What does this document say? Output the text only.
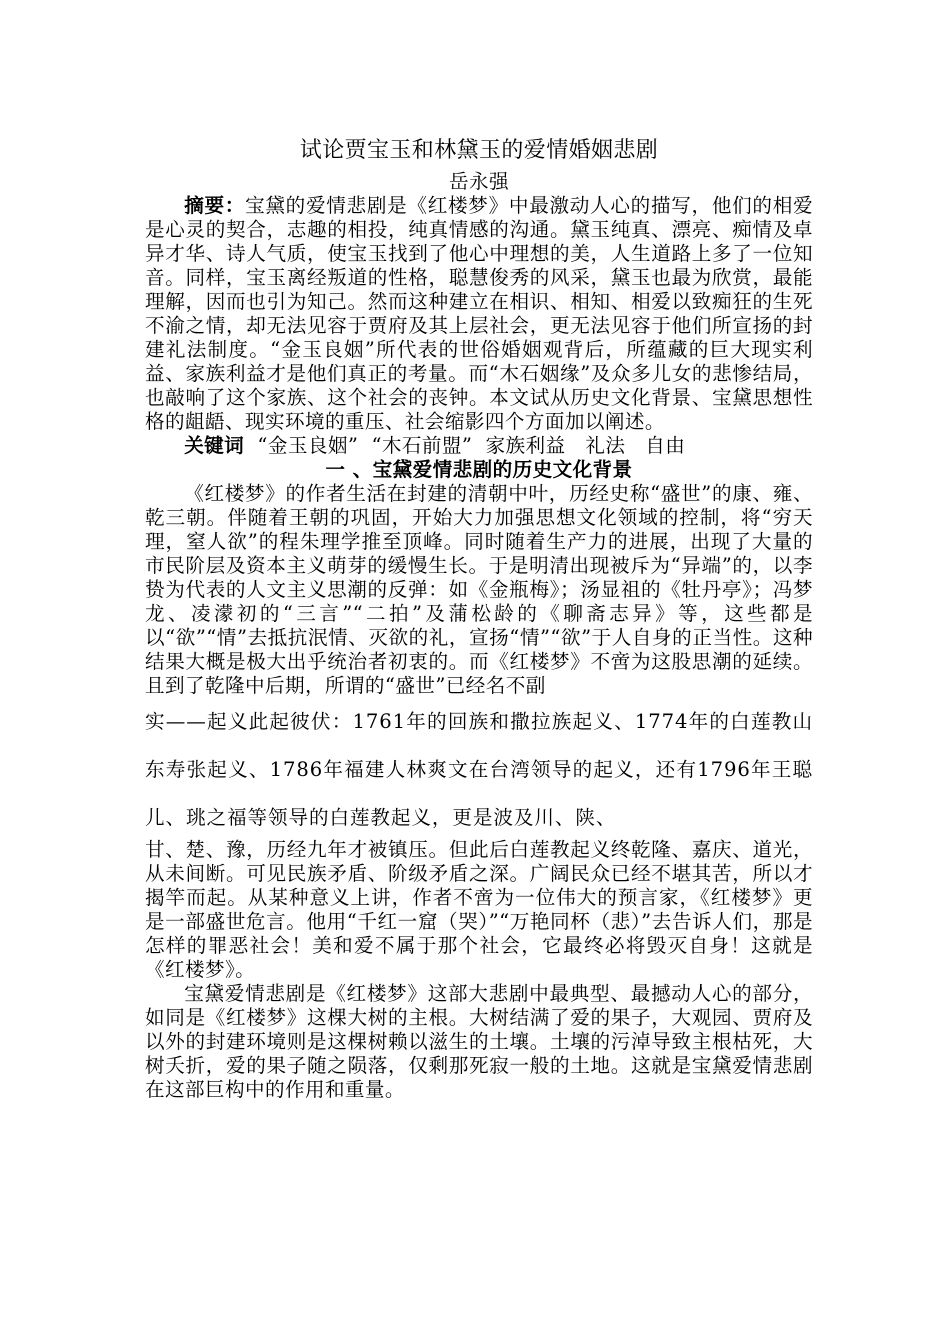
试论贾宝玉和林黛玉的爱情婚姻悲剧
岳永强

摘要：宝黛的爱情悲剧是《红楼梦》中最激动人心的描写，他们的相爱是心灵的契合，志趣的相投，纯真情感的沟通。黛玉纯真、漂亮、痴情及卓异才华、诗人气质，使宝玉找到了他心中理想的美，人生道路上多了一位知音。同样，宝玉离经叛道的性格，聪慧俊秀的风采，黛玉也最为欣赏，最能理解，因而也引为知己。然而这种建立在相识、相知、相爱以致痴狂的生死不渝之情，却无法见容于贾府及其上层社会，更无法见容于他们所宣扬的封建礼法制度。“金玉良姻”所代表的世俗婚姻观背后，所蕴藏的巨大现实利益、家族利益才是他们真正的考量。而“木石姻缘”及众多儿女的悲惨结局，也敲响了这个家族、这个社会的丧钟。本文试从历史文化背景、宝黛思想性格的龃龉、现实环境的重压、社会缩影四个方面加以阐述。

关键词  “金玉良姻”  “木石前盟”  家族利益   礼法   自由
一 、宝黛爱情悲剧的历史文化背景

《红楼梦》的作者生活在封建的清朝中叶，历经史称“盛世”的康、雍、乾三朝。伴随着王朝的巩固，开始大力加强思想文化领域的控制，将“穷天理，窒人欲”的程朱理学推至顶峰。同时随着生产力的进展，出现了大量的市民阶层及资本主义萌芽的缓慢生长。于是明清出现被斥为“异端”的，以李贽为代表的人文主义思潮的反弹：如《金瓶梅》；汤显祖的《牡丹亭》；冯梦龙、凌濛初的“三言”“二拍”及蒲松龄的《聊斋志异》等，这些都是以“欲”“情”去抵抗泯情、灭欲的礼，宣扬“情”“欲”于人自身的正当性。这种结果大概是极大出乎统治者初衷的。而《红楼梦》不啻为这股思潮的延续。且到了乾隆中后期，所谓的“盛世”已经名不副

实——起义此起彼伏：1761年的回族和撒拉族起义、1774年的白莲教山东寿张起义、1786年福建人林爽文在台湾领导的起义，还有1796年王聪儿、珧之福等领导的白莲教起义，更是波及川、陕、

甘、楚、豫，历经九年才被镇压。但此后白莲教起义终乾隆、嘉庆、道光，从未间断。可见民族矛盾、阶级矛盾之深。广阔民众已经不堪其苦，所以才揭竿而起。从某种意义上讲，作者不啻为一位伟大的预言家，《红楼梦》更是一部盛世危言。他用“千红一窟（哭）”“万艳同杯（悲）”去告诉人们，那是怎样的罪恶社会！美和爱不属于那个社会，它最终必将毁灭自身！这就是《红楼梦》。

宝黛爱情悲剧是《红楼梦》这部大悲剧中最典型、最撼动人心的部分，如同是《红楼梦》这棵大树的主根。大树结满了爱的果子，大观园、贾府及以外的封建环境则是这棵树赖以滋生的土壤。土壤的污淖导致主根枯死，大树夭折，爱的果子随之陨落，仅剩那死寂一般的土地。这就是宝黛爱情悲剧在这部巨构中的作用和重量。
